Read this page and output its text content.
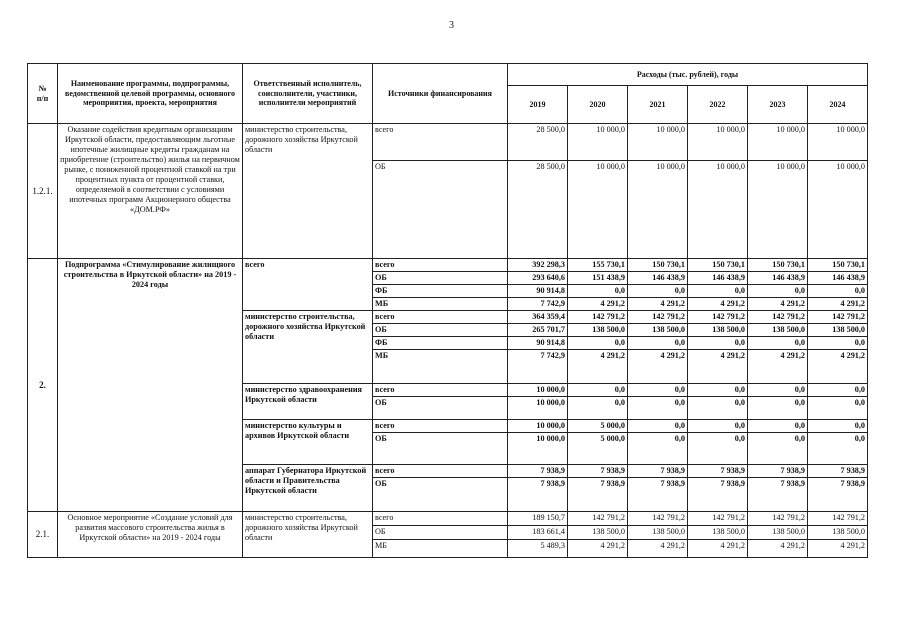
3
№
п/п	Наименование программы, подпрограммы, ведомственной целевой программы, основного мероприятия, проекта, мероприятия	Ответственный исполнитель, соисполнители, участники, исполнители мероприятий	Источники финансирования	Расходы (тыс. рублей), годы					
				2019	2020	2021	2022	2023	2024
1.2.1.	Оказание содействия кредитным организациям Иркутской области, предоставляющим льготные ипотечные жилищные кредиты гражданам на приобретение (строительство) жилья на первичном рынке, с пониженной процентной ставкой на три процентных пункта от процентной ставки, определяемой в соответствии с условиями ипотечных программ Акционерного общества «ДОМ.РФ»	министерство строительства, дорожного хозяйства Иркутской области	всего	28 500,0	10 000,0	10 000,0	10 000,0	10 000,0	10 000,0
			ОБ	28 500,0	10 000,0	10 000,0	10 000,0	10 000,0	10 000,0
2.	Подпрограмма «Стимулирование жилищного строительства в Иркутской области» на 2019 - 2024 годы	всего	всего	392 298,3	155 730,1	150 730,1	150 730,1	150 730,1	150 730,1
			ОБ	293 640,6	151 438,9	146 438,9	146 438,9	146 438,9	146 438,9
			ФБ	90 914,8	0,0	0,0	0,0	0,0	0,0
			МБ	7 742,9	4 291,2	4 291,2	4 291,2	4 291,2	4 291,2
		министерство строительства, дорожного хозяйства Иркутской области	всего	364 359,4	142 791,2	142 791,2	142 791,2	142 791,2	142 791,2
			ОБ	265 701,7	138 500,0	138 500,0	138 500,0	138 500,0	138 500,0
			ФБ	90 914,8	0,0	0,0	0,0	0,0	0,0
			МБ	7 742,9	4 291,2	4 291,2	4 291,2	4 291,2	4 291,2
		министерство здравоохранения Иркутской области	всего	10 000,0	0,0	0,0	0,0	0,0	0,0
			ОБ	10 000,0	0,0	0,0	0,0	0,0	0,0
		министерство культуры и архивов Иркутской области	всего	10 000,0	5 000,0	0,0	0,0	0,0	0,0
			ОБ	10 000,0	5 000,0	0,0	0,0	0,0	0,0
		аппарат Губернатора Иркутской области и Правительства Иркутской области	всего	7 938,9	7 938,9	7 938,9	7 938,9	7 938,9	7 938,9
			ОБ	7 938,9	7 938,9	7 938,9	7 938,9	7 938,9	7 938,9
2.1.	Основное мероприятие «Создание условий для развития массового строительства жилья в Иркутской области» на 2019 - 2024 годы	министерство строительства, дорожного хозяйства Иркутской области	всего	189 150,7	142 791,2	142 791,2	142 791,2	142 791,2	142 791,2
			ОБ	183 661,4	138 500,0	138 500,0	138 500,0	138 500,0	138 500,0
			МБ	5 489,3	4 291,2	4 291,2	4 291,2	4 291,2	4 291,2
